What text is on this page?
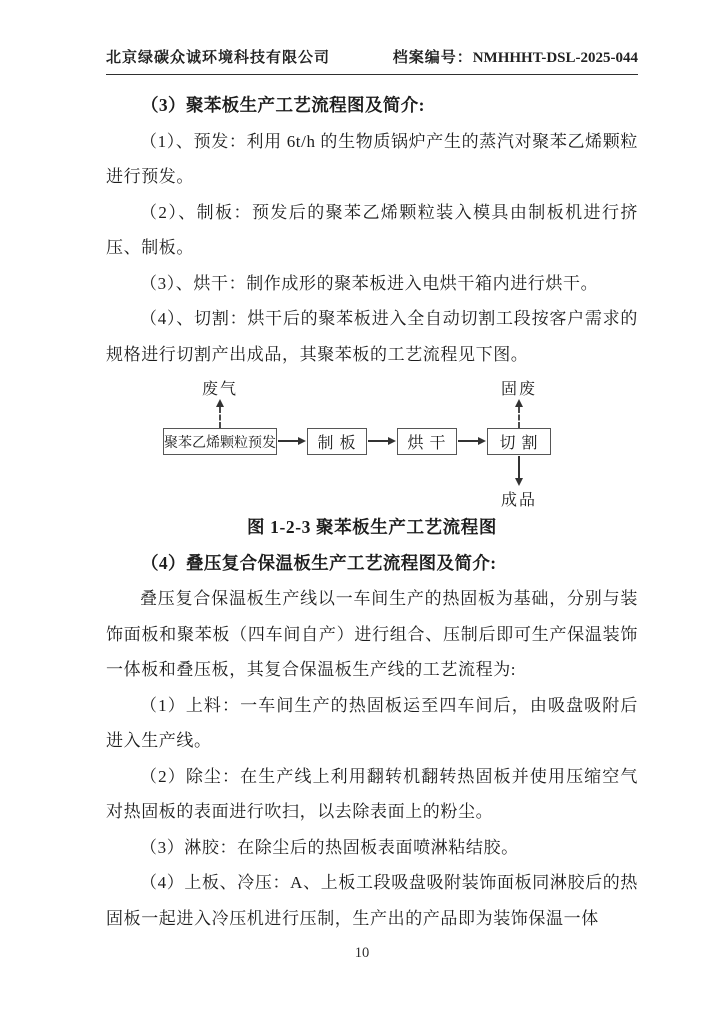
北京绿碳众诚环境科技有限公司	档案编号：NMHHHT-DSL-2025-044

（3）聚苯板生产工艺流程图及简介:

（1）、预发：利用 6t/h 的生物质锅炉产生的蒸汽对聚苯乙烯颗粒进行预发。

（2）、制板：预发后的聚苯乙烯颗粒装入模具由制板机进行挤压、制板。

（3）、烘干：制作成形的聚苯板进入电烘干箱内进行烘干。

（4）、切割：烘干后的聚苯板进入全自动切割工段按客户需求的规格进行切割产出成品，其聚苯板的工艺流程见下图。

废气	固废
聚苯乙烯颗粒预发	制 板	烘 干	切 割
成品

图 1-2-3 聚苯板生产工艺流程图

（4）叠压复合保温板生产工艺流程图及简介:

叠压复合保温板生产线以一车间生产的热固板为基础，分别与装饰面板和聚苯板（四车间自产）进行组合、压制后即可生产保温装饰一体板和叠压板，其复合保温板生产线的工艺流程为:

（1）上料：一车间生产的热固板运至四车间后，由吸盘吸附后进入生产线。

（2）除尘：在生产线上利用翻转机翻转热固板并使用压缩空气对热固板的表面进行吹扫，以去除表面上的粉尘。

（3）淋胶：在除尘后的热固板表面喷淋粘结胶。

（4）上板、冷压：A、上板工段吸盘吸附装饰面板同淋胶后的热固板一起进入冷压机进行压制，生产出的产品即为装饰保温一体

10
